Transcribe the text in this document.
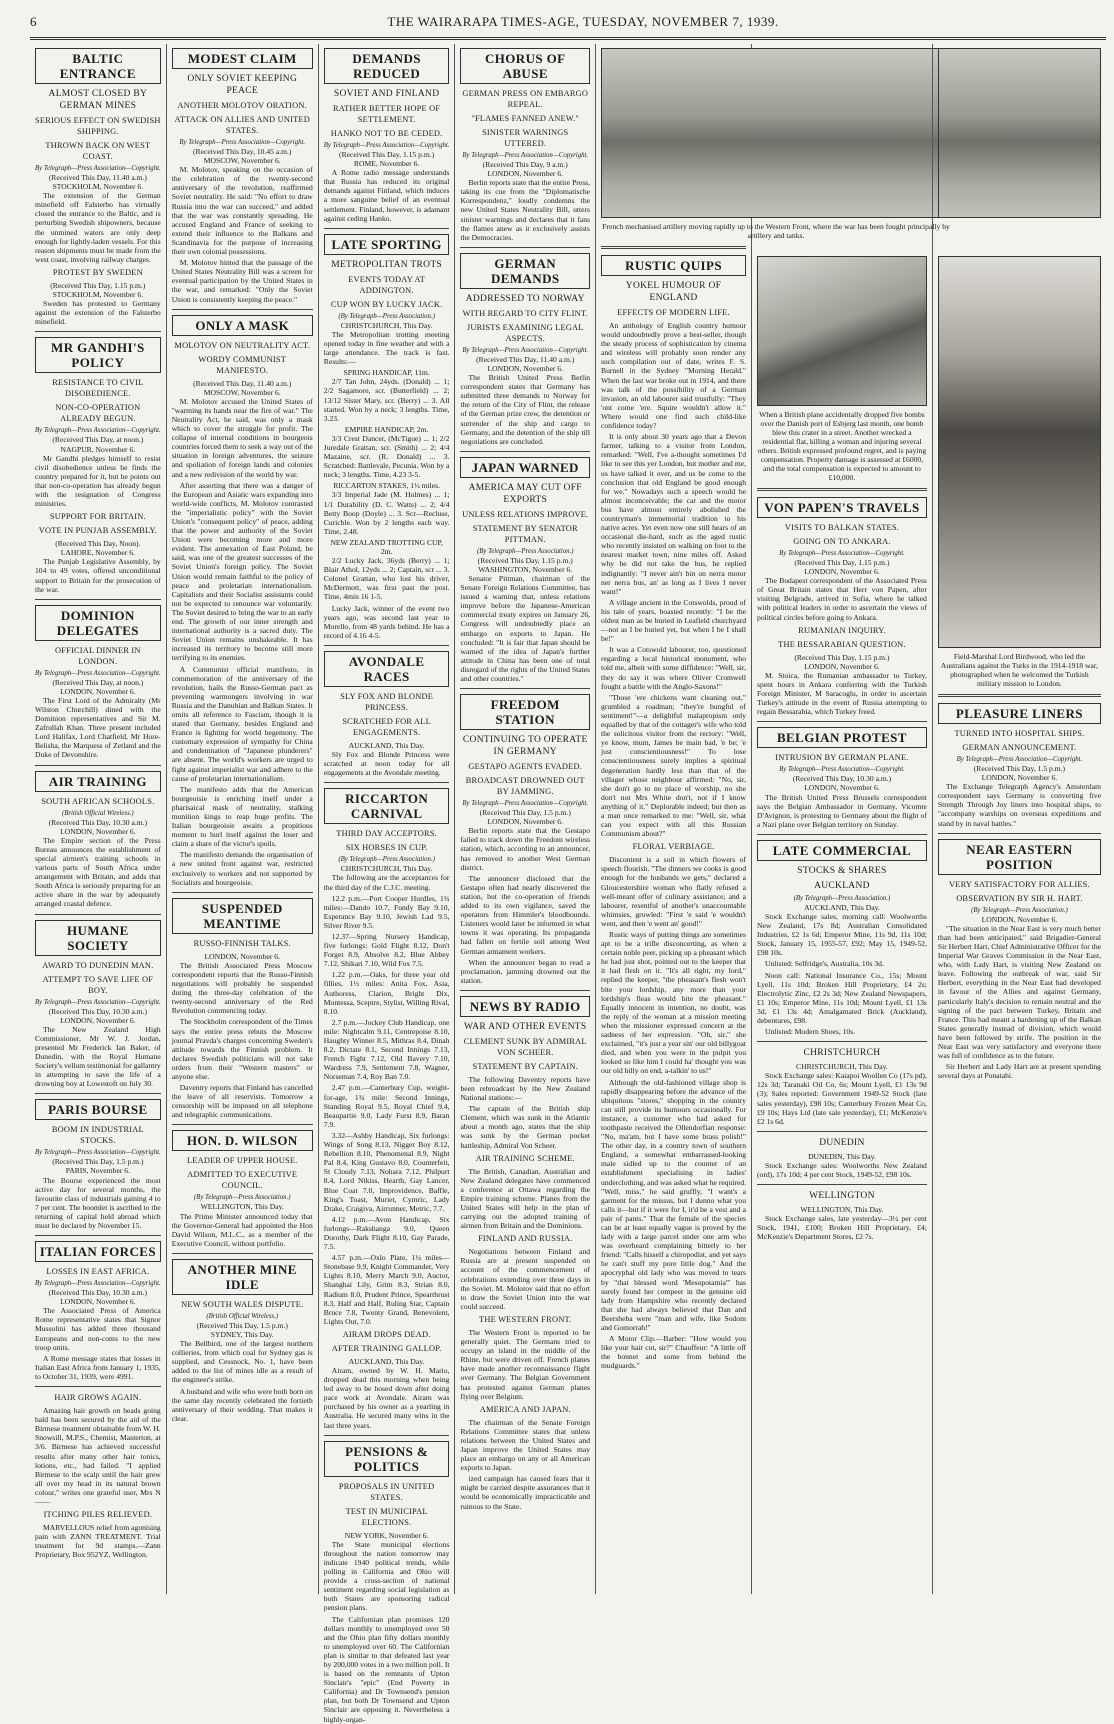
6	THE WAIRARAPA TIMES-AGE, TUESDAY, NOVEMBER 7, 1939.
BALTIC ENTRANCE
ALMOST CLOSED BY GERMAN MINES
SERIOUS EFFECT ON SWEDISH SHIPPING.
THROWN BACK ON WEST COAST.
By Telegraph—Press Association—Copyright.
(Received This Day, 11.40 a.m.)
STOCKHOLM, November 6.

The extension of the German minefield off Falsterbo has virtually closed the entrance to the Baltic, and is perturbing Swedish shipowners, because the unmined waters are only deep enough for lightly-laden vessels. For this reason shipments must be made from the west coast, involving railway charges.

PROTEST BY SWEDEN
(Received This Day, 1.15 p.m.)
STOCKHOLM, November 6.

Sweden has protested to Germany against the extension of the Falsterbo minefield.

MR GANDHI'S POLICY
RESISTANCE TO CIVIL DISOBEDIENCE.
NON-CO-OPERATION ALREADY BEGUN.
By Telegraph—Press Association—Copyright.
(Received This Day, at noon.)
NAGPUR, November 6.

Mr Gandhi pledges himself to resist civil disobedience unless he finds the country prepared for it, but he points out that non-co-operation has already begun with the resignation of Congress ministries.

SUPPORT FOR BRITAIN.
VOTE IN PUNJAB ASSEMBLY.
(Received This Day, Noon).
LAHORE, November 6.

The Punjab Legislative Assembly, by 104 to 49 votes, offered unconditional support to Britain for the prosecution of the war.

DOMINION DELEGATES
OFFICIAL DINNER IN LONDON.
By Telegraph—Press Association—Copyright.
(Received This Day, at noon.)
LONDON, November 6.

The First Lord of the Admiralty (Mr Wilston Churchill) dined with the Dominion representatives and Sir M. Zafrullah Khan. Three present included Lord Halifax, Lord Chatfield, Mr Hore-Belisha, the Marquess of Zetland and the Duke of Devonshire.

AIR TRAINING
SOUTH AFRICAN SCHOOLS.
(British Official Wireless.)
(Received This Day, 10.30 a.m.)
LONDON, November 6.

The Empire section of the Press Bureau announces the establishment of special airmen's training schools in various parts of South Africa under arrangement with Britain, and adds that South Africa is seriously preparing for an active share in the war by adequately arranged coastal defence.

HUMANE SOCIETY
AWARD TO DUNEDIN MAN.
ATTEMPT TO SAVE LIFE OF BOY.
By Telegraph—Press Association—Copyright.
(Received This Day, 10.30 a.m.)
LONDON, November 6.

The New Zealand High Commissioner, Mr W. J. Jordan, presented Mr Frederick Ian Baker, of Dunedin, with the Royal Humane Society's vellum testimonial for gallantry in attempting to save the life of a drowning boy at Lowestoft on July 30.

PARIS BOURSE
BOOM IN INDUSTRIAL STOCKS.
By Telegraph—Press Association—Copyright.
(Received This Day, 1.5 p.m.)
PARIS, November 6.

The Bourse experienced the most active day for several months, the favourite class of industrials gaining 4 to 7 per cent. The boomlet is ascribed to the returning of capital held abroad which must be declared by November 15.

ITALIAN FORCES
LOSSES IN EAST AFRICA.
By Telegraph—Press Association—Copyright.
(Received This Day, 10.30 a.m.)
LONDON, November 6.

The Associated Press of America Rome representative states that Signor Mussolini has added three thousand Europeans and non-coms to the new troop units.

A Rome message states that losses in Italian East Africa from January 1, 1935, to October 31, 1939, were 4991.

HAIR GROWS AGAIN.

Amazing hair growth on heads going bald has been secured by the aid of the Birmese treatment obtainable from W. H. Snowsill, M.P.S., Chemist, Masterton, at 3/6. Birmese has achieved successful results after many other hair tonics, lotions, etc., had failed. "I applied Birmese to the scalp until the hair grew all over my head in its natural brown colour," writes one grateful user, Mrs N——

ITCHING PILES RELIEVED.

MARVELLOUS relief from agonising pain with ZANN TREATMENT. Trial treatment for 9d stamps.—Zann Proprietary, Box 952YZ, Wellington.

MODEST CLAIM
ONLY SOVIET KEEPING PEACE
ANOTHER MOLOTOV ORATION.
ATTACK ON ALLIES AND UNITED STATES.
By Telegraph—Press Association—Copyright.
(Received This Day, 10.45 a.m.)
MOSCOW, November 6.

M. Molotov, speaking on the occasion of the celebration of the twenty-second anniversary of the revolution, reaffirmed Soviet neutrality. He said: "No effort to draw Russia into the war can succeed," and added that the war was constantly spreading. He accused England and France of seeking to extend their influence to the Balkans and Scandinavia for the purpose of increasing their own colonial possessions.

M. Molotov hinted that the passage of the United States Neutrality Bill was a screen for eventual participation by the United States in the war, and remarked: "Only the Soviet Union is consistently keeping the peace."

ONLY A MASK
MOLOTOV ON NEUTRALITY ACT.
WORDY COMMUNIST MANIFESTO.
(Received This Day, 11.40 a.m.)
MOSCOW, November 6.

M. Molotov accused the United States of "warming its hands near the fire of war." The Neutrality Act, he said, was only a mask which to cover the struggle for profit. The collapse of internal conditions in bourgeois countries forced them to seek a way out of the situation in foreign adventures, the seizure and spoliation of foreign lands and colonies and a new redivision of the world by war.

After asserting that there was a danger of the European and Asiatic wars expanding into world-wide conflicts, M. Molotov contrasted the "imperialistic policy" with the Soviet Union's "consequent policy" of peace, adding that the power and authority of the Soviet Union were becoming more and more evident. The annexation of East Poland, he said, was one of the greatest successes of the Soviet Union's foreign policy. The Soviet Union would remain faithful to the policy of peace and proletarian internationalism. Capitalists and their Socialist assistants could not be expected to renounce war voluntarily. The Soviet desired to bring the war to an early end. The growth of our inner strength and international authority is a sacred duty. The Soviet Union remains unshakeable. It has increased its territory to become still more terrifying to its enemies.

A Communist official manifesto, in commemoration of the anniversary of the revolution, hails the Russo-German pact as preventing warmongers involving in war Russia and the Danubian and Balkan States. It omits all reference to Fascism, though it is stated that Germany, besides England and France is fighting for world hegemony. The customary expression of sympathy for China and condemnation of "Japanese plunderers" are absent. The world's workers are urged to fight against imperialist war and adhere to the cause of proletarian internationalism.

The manifesto adds that the American bourgeoisie is enriching itself under a pharisaical mask of neutrality, stalking munition kings to reap huge profits. The Italian bourgeoisie awaits a propitious moment to hurl itself against the loser and claim a share of the victor's spoils.

The manifesto demands the organisation of a new united front against war, restricted exclusively to workers and not supported by Socialists and bourgeoisie.

SUSPENDED MEANTIME
RUSSO-FINNISH TALKS.
LONDON, November 6.

The British Associated Press Moscow correspondent reports that the Russo-Finnish negotiations will probably be suspended during the three-day celebration of the twenty-second anniversary of the Red Revolution commencing today.

The Stockholm correspondent of the Times says the entire press rebuts the Moscow journal Pravda's charges concerning Sweden's attitude towards the Finnish problem. It declares Swedish politicians will not take orders from their "Western masters" or anyone else.

Daventry reports that Finland has cancelled the leave of all reservists. Tomorrow a censorship will be imposed on all telephone and telegraphic communications.

HON. D. WILSON
LEADER OF UPPER HOUSE.
ADMITTED TO EXECUTIVE COUNCIL.
(By Telegraph—Press Association.)
WELLINGTON, This Day.

The Prime Minister announced today that the Governor-General had appointed the Hon David Wilson, M.L.C., as a member of the Executive Council, without portfolio.

ANOTHER MINE IDLE
NEW SOUTH WALES DISPUTE.
(British Official Wireless.)
(Received This Day, 1.5 p.m.)
SYDNEY, This Day.

The Bellbird, one of the largest northern collieries, from which coal for Sydney gas is supplied, and Cessnock, No. 1, have been added to the list of mines idle as a result of the engineer's strike.

A husband and wife who were both born on the same day recently celebrated the fortieth anniversary of their wedding. That makes it clear.

DEMANDS REDUCED
SOVIET AND FINLAND
RATHER BETTER HOPE OF SETTLEMENT.
HANKO NOT TO BE CEDED.
By Telegraph—Press Association—Copyright.
(Received This Day, 1.15 p.m.)
ROME, November 6.

A Rome radio message understands that Russia has reduced its original demands against Finland, which induces a more sanguine belief of an eventual settlement. Finland, however, is adamant against ceding Hanko.

LATE SPORTING
METROPOLITAN TROTS
EVENTS TODAY AT ADDINGTON.
CUP WON BY LUCKY JACK.
(By Telegraph—Press Association.)
CHRISTCHURCH, This Day.

The Metropolitan trotting meeting opened today in fine weather and with a large attendance. The track is fast. Results:—

SPRING HANDICAP, 11m.

2/7 Tan John, 24yds. (Donald) ... 1; 2/2 Sagamore, scr. (Butterfield) ... 2; 13/12 Sister Mary, scr. (Berry) ... 3. All started. Won by a neck; 3 lengths. Time, 3.23.

EMPIRE HANDICAP, 2m.

3/3 Crest Dancer, (McTigue) ... 1; 2/2 Juredale Grattan, scr. (Smith) ... 2; 4/4 Mazaine, scr. (R. Donald) ... 3. Scratched: Battlevale, Pecunia. Won by a neck; 3 lengths. Time, 4.23 3-5.

RICCARTON STAKES, 1½ miles.

3/3 Imperial Jade (M. Holmes) ... 1; 1/1 Durability (D. C. Watts) ... 2; 4/4 Betty Boop (Doyle) ... 3. Scr—Recluse, Curicble. Won by 2 lengths each way. Time, 2.48.

NEW ZEALAND TROTTING CUP, 2m.

2/2 Lucky Jack, 36yds (Berry) ... 1; Blair Athol, 12yds ... 2; Captain, scr ... 3. Colonel Grattan, who lost his driver, McDermott, was first past the post. Time, 4min 16 1-5.

Lucky Jack, winner of the event two years ago, was second last year to Morello, from 48 yards behind. He has a record of 4.16 4-5.

AVONDALE RACES
SLY FOX AND BLONDE PRINCESS.
SCRATCHED FOR ALL ENGAGEMENTS.
AUCKLAND, This Day.

Sly Fox and Blonde Princess were scratched at noon today for all engagements at the Avondale meeting.

RICCARTON CARNIVAL
THIRD DAY ACCEPTORS.
SIX HORSES IN CUP.
(By Telegraph—Press Association.)
CHRISTCHURCH, This Day.

The following are the acceptances for the third day of the C.J.C. meeting.

12.2 p.m.—Port Cooper Hurdles, 1¾ miles:—Dando 10.7, Fundy Bay 9.10, Esperance Bay 9.10, Jewish Lad 9.5, Silver River 9.5.

12.37—Spring Nursery Handicap, five furlongs: Gold Flight 8.12, Don't Forget 8.9, Absolve 8.2, Blue Abbey 7.12, Shikari 7.10, Wild Fox 7.5.

1.22 p.m.—Oaks, for three year old fillies, 1½ miles: Anita Fox, Asia, Authoress, Clarion, Bright Dix, Montessa, Sceptre, Stylist, Willing Rival, 8.10.

2.7 p.m.—Jockey Club Handicap, one mile: Nightcalm 9.11, Centrepoise 8.10, Haughty Winner 8.5, Mithras 8.4, Dinah 8.2, Dictate 8.1, Second Innings 7.13, French Fight 7.12, Old Bavery 7.10, Wardress 7.9, Settlement 7.8, Wagner, Norseman 7.4, Roy Ban 7.0.

2.47 p.m.—Canterbury Cup, weight-for-age, 1¾ mile: Second Innings, Standing Royal 9.5, Royal Chief 9.4, Beaupartie 9.0, Lady Furst 8.9, Baran 7.9.

3.32—Ashby Handicap, Six furlongs: Wings of Song 8.13, Nigger Boy 8.12, Rebellion 8.10, Phenomenal 8.9, Night Pal 8.4, King Gustavo 8.0, Counterfeit, St Cloudy 7.13, Nohara 7.12, Philpurt 8.4, Lord Nikiss, Hearth, Gay Lancer, Blue Coat 7.0, Improvidence, Baffle, King's Toast, Muriet, Cymric, Lady Drake, Craigiva, Airrunner, Metric, 7.7.

4.12 p.m.—Avon Handicap, Six furlongs—Rakshanga 9.0, Queen Dorothy, Dark Flight 8.10, Gay Parade, 7.5.

4.57 p.m.—Oxlo Plate, 1¼ miles—Stonebase 9.9, Knight Commander, Very Lights 8.10, Merry March 9.0, Auctor, Shanghai Lily, Grim 8.3, Strian 8.0, Radium 8.0, Prudent Prince, Spearthrust 8.3, Half and Half, Ruling Star, Captain Bruce 7.8, Twenty Grand, Benevolent, Lights Out, 7.0.

AIRAM DROPS DEAD.
AFTER TRAINING GALLOP.
AUCKLAND, This Day.

Airam, owned by W. H. Mario, dropped dead this morning when being led away to be hosed down after doing pace work at Avondale. Airam was purchased by his owner as a yearling in Australia. He secured many wins in the last three years.

PENSIONS & POLITICS
PROPOSALS IN UNITED STATES.
TEST IN MUNICIPAL ELECTIONS.
NEW YORK, November 6.

The State municipal elections throughout the nation tomorrow may indicate 1940 political trends, while polling in California and Ohio will provide a cross-section of national sentiment regarding social legislation as both States are sponsoring radical pension plans.

The Californian plan promises 120 dollars monthly to unemployed over 50 and the Ohio plan fifty dollars monthly to unemployed over 60. The Californian plan is similar to that defeated last year by 200,000 votes in a two million poll. It is based on the remnants of Upton Sinclair's "epic" (End Poverty in California) and Dr Townsend's pension plan, but both Dr Townsend and Upton Sinclair are opposing it. Nevertheless a highly-organ-

CHORUS OF ABUSE
GERMAN PRESS ON EMBARGO REPEAL.
"FLAMES FANNED ANEW."
SINISTER WARNINGS UTTERED.
By Telegraph—Press Association—Copyright.
(Received This Day, 9 a.m.)
LONDON, November 6.

Berlin reports state that the entire Press, taking its cue from the "Diplomatische Korrespondenz," loudly condemns the new United States Neutrality Bill, utters sinister warnings and declares that it fans the flames anew as it exclusively assists the Democracies.

GERMAN DEMANDS
ADDRESSED TO NORWAY
WITH REGARD TO CITY FLINT.
JURISTS EXAMINING LEGAL ASPECTS.
By Telegraph—Press Association—Copyright.
(Received This Day, 11.40 a.m.)
LONDON, November 6.

The British United Press Berlin correspondent states that Germany has submitted three demands to Norway for the return of the City of Flint, the release of the German prize crew, the detention or surrender of the ship and cargo to Germany, and the detention of the ship till negotiations are concluded.

JAPAN WARNED
AMERICA MAY CUT OFF EXPORTS
UNLESS RELATIONS IMPROVE.
STATEMENT BY SENATOR PITTMAN.
(By Telegraph—Press Association.)
(Received This Day, 1.15 p.m.)
WASHINGTON, November 6.

Senator Pittman, chairman of the Senate Foreign Relations Committee, has issued a warning that, unless relations improve before the Japanese-American commercial treaty expires on January 26, Congress will undoubtedly place an embargo on exports to Japan. He concluded: "It is fair that Japan should be warned of the idea of Japan's further attitude in China has been one of total disregard of the rights of the United States and other countries."

FREEDOM STATION
CONTINUING TO OPERATE IN GERMANY
GESTAPO AGENTS EVADED.
BROADCAST DROWNED OUT BY JAMMING.
By Telegraph—Press Association—Copyright.
(Received This Day, 1.5 p.m.)
LONDON, November 6.

Berlin reports state that the Gestapo failed to track down the Freedom wireless station, which, according to an announcer, has removed to another West German district.

The announcer disclosed that the Gestapo often had nearly discovered the station, but the co-operation of friends added to its own vigilance, saved the operators from Himmler's bloodhounds. Listeners would later be informed in what towns it was operating. Its propaganda had fallen on fertile soil among West German armament workers.

When the announcer began to read a proclamation, jamming drowned out the station.

NEWS BY RADIO
WAR AND OTHER EVENTS
CLEMENT SUNK BY ADMIRAL VON SCHEER.
STATEMENT BY CAPTAIN.

The following Daventry reports have been rebroadcast by the New Zealand National stations:—

The captain of the British ship Clement, which was sunk in the Atlantic about a month ago, states that the ship was sunk by the German pocket battleship, Admiral Von Scheer.

AIR TRAINING SCHEME.

The British, Canadian, Australian and New Zealand delegates have commenced a conference at Ottawa regarding the Empire training scheme. Planes from the United States will help in the plan of carrying out the adopted training of airmen from Britain and the Dominions.

FINLAND AND RUSSIA.

Negotiations between Finland and Russia are at present suspended on account of the commencement of celebrations extending over three days in the Soviet. M. Molotov said that no effort to draw the Soviet Union into the war could succeed.

THE WESTERN FRONT.

The Western Front is reported to be generally quiet. The Germans tried to occupy an island in the middle of the Rhine, but were driven off. French planes have made another reconnaissance flight over Germany. The Belgian Government has protested against German planes flying over Belgium.

AMERICA AND JAPAN.

The chairman of the Senate Foreign Relations Committee states that unless relations between the United States and Japan improve the United States may place an embargo on any or all American exports to Japan.

ized campaign has caused fears that it might be carried despite assurances that it would be economically impracticable and ruinous to the State.

French mechanised artillery moving rapidly up to the Western Front, where the war has been fought principally by artillery and tanks.
RUSTIC QUIPS
YOKEL HUMOUR OF ENGLAND
EFFECTS OF MODERN LIFE.

An anthology of English country humour would undoubtedly prove a best-seller, though the steady process of sophistication by cinema and wireless will probably soon render any such compilation out of date, writes F. S. Burnell in the Sydney "Morning Herald." When the last war broke out in 1914, and there was talk of the possibility of a German invasion, an old labourer said trustfully: "They 'ont come 'ere. Squire wouldn't allow it." Where would one find such child-like confidence today?

It is only about 30 years ago that a Devon farmer, talking to a visitor from London, remarked: "Well, I've a-thought sometimes I'd like to see this yer London, but mother and me, us have talked it over, and us be come to the conclusion that old England be good enough for we." Nowadays such a speech would be almost inconceivable; the car and the motor bus have almost entirely abolished the countryman's immemorial tradition to his native acres. Yet even now one still hears of an occasional die-hard, such as the aged rustic who recently insisted on walking on foot to the nearest market town, nine miles off. Asked why he did not take the bus, he replied indignantly: "I never ain't bin on nerra motor ner nerra bus, an' as long as I lives I never want!"

A village ancient in the Cotswolds, proud of his tale of years, boasted recently: "I be the oldest man as be buried in Leafield churchyard—not as I be buried yet, but when I be I shall be!"

It was a Cotswold labourer, too, questioned regarding a local historical monument, who told me, albeit with some diffidence: "Well, sir, they do say it was where Oliver Cromwell fought a battle with the Anglo-Saxons!"

"Those 'ere chickens want cleaning out," grumbled a roadman; "they're bungful of sentiment!"—a delightful malapropism only equalled by that of the cottager's wife who told the solicitous visitor from the rectory: "Well, ye know, mum, James be main bad, 'e be; 'e just conscientiousness!" To lose conscientiousness surely implies a spiritual degeneration hardly less than that of the villager whose neighbour affirmed: "No, sir, she don't go to no place of worship, no she don't not Mrs White don't, not if I know anything of it." Deplorable indeed; but then as a man once remarked to me: "Well, sir, what can you expect with all this Russian Communism about?"

FLORAL VERBIAGE.

Discontent is a soil in which flowers of speech flourish. "The dinners we cooks is good enough for the husbands we gets," declared a Gloucestershire woman who flatly refused a well-meant offer of culinary assistance; and a labourer, resentful of another's unaccountable whimsies, growled: "First 'e said 'e wouldn't went, and then 'e went an' good!"

Rustic ways of putting things are sometimes apt to be a trifle disconcerting, as when a certain noble peer, picking up a pheasant which he had just shot, pointed out to the keeper that it had flesh on it. "It's all right, my lord," replied the keeper, "the pheasant's flesh won't bite your lordship, any more than your lordship's fleas would bite the pheasant." Equally innocent in intention, no doubt, was the reply of the woman at a mission meeting when the missioner expressed concern at the sadness of her expression. "Oh, sir," she exclaimed, "it's just a year sin' our old billygoat died, and when you were in the pulpit you looked so like him I could ha' thought you was our old billy on end, a-talkin' to us!"

Although the old-fashioned village shop is rapidly disappearing before the advance of the ubiquitous "stores," shopping in the country can still provide its humours occasionally. For instance, a customer who had asked for toothpaste received the Ollendorfian response: "No, ma'am, but I have some brass polish!" The other day, in a country town of southern England, a somewhat embarrassed-looking male sidled up to the counter of an establishment specialising in ladies' underclothing, and was asked what he required. "Well, miss," he said gruffly, "I want's a garment for the missus, but I dunno what you calls it—but if it were for I, it'd be a vest and a pair of pants." That the female of the species can be at least equally vague is proved by the lady with a large parcel under one arm who was overheard complaining bitterly to her friend: "Calls hisself a chiropodist, and yet says he can't stuff my pore little dog." And the apocryphal old lady who was moved to tears by "that blessed word 'Mesopotamia'" has surely found her compeer in the genuine old lady from Hampshire who recently declared that she had always believed that Dan and Beersheba were "man and wife, like Sodom and Gomorrah!"

A Motor Clip.—Barber: "How would you like your hair cut, sir?" Chauffeur: "A little off the bonnet and some from behind the mudguards."

When a British plane accidentally dropped five bombs over the Danish port of Esbjerg last month, one bomb blew this crater in a street. Another wrecked a residential flat, killing a woman and injuring several others. British expressed profound regret, and is paying compensation. Property damage is assessed at £6000, and the total compensation is expected to amount to £10,000.
VON PAPEN'S TRAVELS
VISITS TO BALKAN STATES.
GOING ON TO ANKARA.
By Telegraph—Press Association—Copyright.
(Received This Day, 1.15 p.m.)
LONDON, November 6.

The Budapest correspondent of the Associated Press of Great Britain states that Herr von Papen, after visiting Belgrade, arrived in Sofia, where he talked with political leaders in order to ascertain the views of political circles before going to Ankara.

RUMANIAN INQUIRY.
THE BESSARABIAN QUESTION.
(Received This Day, 1.15 p.m.)
LONDON, November 6.

M. Stoica, the Rumanian ambassador to Turkey, spent hours in Ankara conferring with the Turkish Foreign Minister, M Saracoglu, in order to ascertain Turkey's attitude in the event of Russia attempting to regain Bessarabia, which Turkey freed.

BELGIAN PROTEST
INTRUSION BY GERMAN PLANE.
By Telegraph—Press Association—Copyright.
(Received This Day, 10.30 a.m.)
LONDON, November 6.

The British United Press Brussels correspondent says the Belgian Ambassador in Germany, Vicomte D'Avignon, is protesting to Germany about the flight of a Nazi plane over Belgian territory on Sunday.

LATE COMMERCIAL
STOCKS & SHARES
AUCKLAND
(By Telegraph—Press Association.)
AUCKLAND, This Day.

Stock Exchange sales, morning call: Woolworths New Zealand, 17s 8d; Australian Consolidated Industries, £2 1s 6d; Emperor Mine, 11s 9d, 11s 10d; Stock, January 15, 1955-57, £92; May 15, 1949-52, £98 10s.

Unlisted: Selfridge's, Australia, 10s 3d.

Noon call: National Insurance Co., 15s; Mount Lyell, 11s 10d; Broken Hill Proprietary, £4 2s; Electrolytic Zinc, £2 2s 3d; New Zealand Newspapers, £1 10s; Emperor Mine, 11s 10d; Mount Lyell, £1 13s 3d, £1 13s 4d; Amalgamated Brick (Auckland), debentures, £98.

Unlisted: Modern Shoes, 10s.

CHRISTCHURCH
CHRISTCHURCH, This Day.

Stock Exchange sales: Kaiapoi Woollen Co (17s pd), 12s 3d; Taranaki Oil Co, 6s; Mount Lyell, £1 13s 9d (3); Sales reported: Government 1949-52 Stock (late sales yesterday), £98 10s; Canterbury Frozen Meat Co, £9 10s; Hays Ltd (late sale yesterday), £1; McKenzie's £2 1s 6d.

DUNEDIN
DUNEDIN, This Day.

Stock Exchange sales: Woolworths New Zealand (ord), 17s 10d; 4 per cent Stock, 1949-52, £98 10s.

WELLINGTON
WELLINGTON, This Day.

Stock Exchange sales, late yesterday—3½ per cent Stock, 1941, £100; Broken Hill Proprietary, £4; McKenzie's Department Stores, £2 7s.

Field-Marshal Lord Birdwood, who led the Australians against the Turks in the 1914-1918 war, photographed when he welcomed the Turkish military mission to London.
PLEASURE LINERS
TURNED INTO HOSPITAL SHIPS.
GERMAN ANNOUNCEMENT.
By Telegraph—Press Association—Copyright.
(Received This Day, 1.5 p.m.)
LONDON, November 6.

The Exchange Telegraph Agency's Amsterdam correspondent says Germany is converting five Strength Through Joy liners into hospital ships, to "accompany warships on overseas expeditions and stand by in naval battles."

NEAR EASTERN POSITION
VERY SATISFACTORY FOR ALLIES.
OBSERVATION BY SIR H. HART.
(By Telegraph—Press Association.)
LONDON, November 6.

"The situation in the Near East is very much better than had been anticipated," said Brigadier-General Sir Herbert Hart, Chief Administrative Officer for the Imperial War Graves Commission in the Near East, who, with Lady Hart, is visiting New Zealand on leave. Following the outbreak of war, said Sir Herbert, everything in the Near East had developed in favour of the Allies and against Germany, particularly Italy's decision to remain neutral and the signing of the pact between Turkey, Britain and France. This had meant a hardening up of the Balkan States generally instead of division, which would have been followed by strife. The position in the Near East was very satisfactory and everyone there was full of confidence as to the future.

Sir Herbert and Lady Hart are at present spending several days at Ponatahi.
